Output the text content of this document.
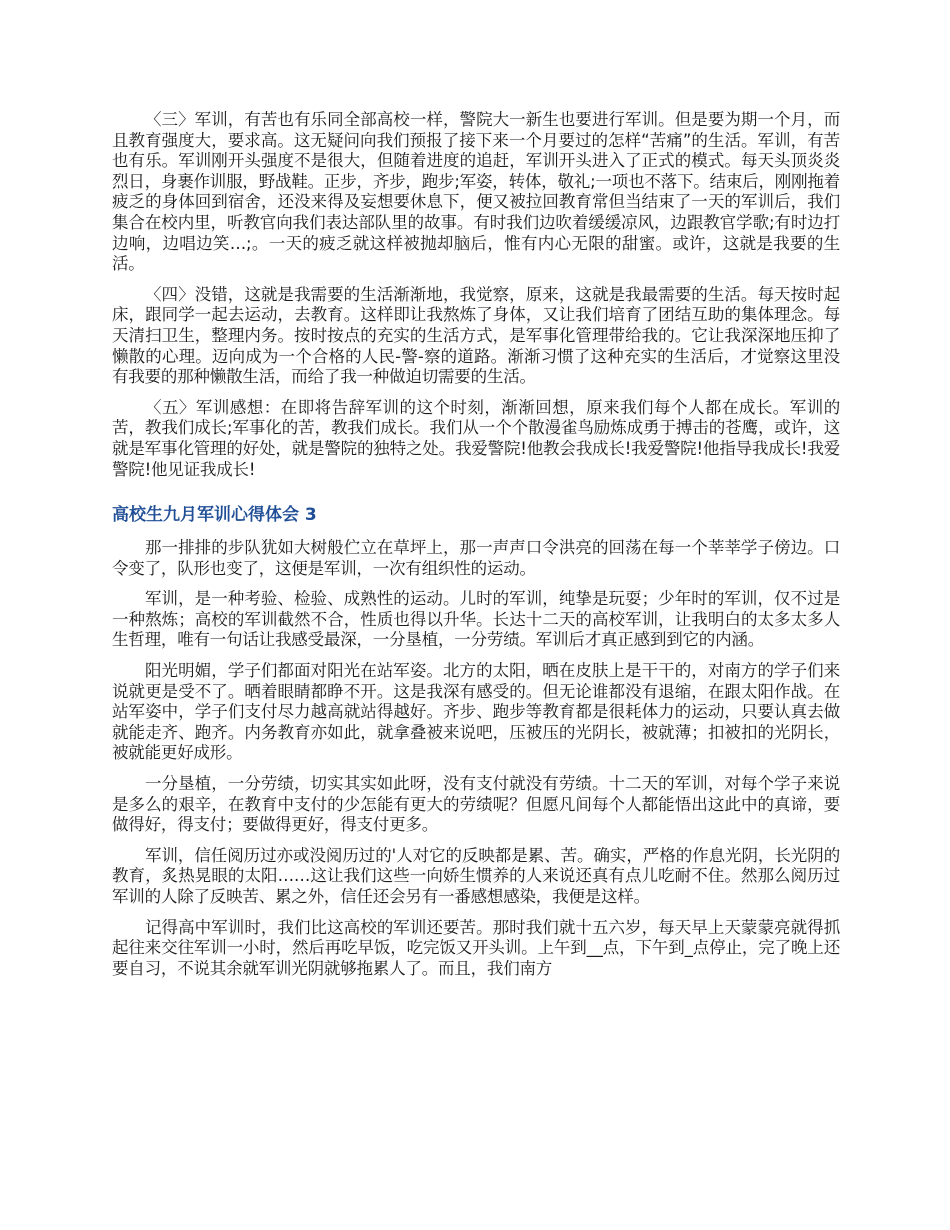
〈三〉军训，有苦也有乐同全部高校一样，警院大一新生也要进行军训。但是要为期一个月，而且教育强度大，要求高。这无疑问向我们预报了接下来一个月要过的怎样“苦痛”的生活。军训，有苦也有乐。军训刚开头强度不是很大，但随着进度的追赶，军训开头进入了正式的模式。每天头顶炎炎烈日，身裹作训服，野战鞋。正步，齐步，跑步;军姿，转体，敬礼;一项也不落下。结束后，刚刚拖着疲乏的身体回到宿舍，还没来得及妄想要休息下，便又被拉回教育常但当结束了一天的军训后，我们集合在校内里，听教官向我们表达部队里的故事。有时我们边吹着缓缓凉风，边跟教官学歌;有时边打边响，边唱边笑…;。一天的疲乏就这样被抛却脑后，惟有内心无限的甜蜜。或许，这就是我要的生活。

〈四〉没错，这就是我需要的生活渐渐地，我觉察，原来，这就是我最需要的生活。每天按时起床，跟同学一起去运动，去教育。这样即让我熬炼了身体，又让我们培育了团结互助的集体理念。每天清扫卫生，整理内务。按时按点的充实的生活方式，是军事化管理带给我的。它让我深深地压抑了懒散的心理。迈向成为一个合格的人民-警-察的道路。渐渐习惯了这种充实的生活后，才觉察这里没有我要的那种懒散生活，而给了我一种做迫切需要的生活。

〈五〉军训感想：在即将告辞军训的这个时刻，渐渐回想，原来我们每个人都在成长。军训的苦，教我们成长;军事化的苦，教我们成长。我们从一个个散漫雀鸟励炼成勇于搏击的苍鹰，或许，这就是军事化管理的好处，就是警院的独特之处。我爱警院!他教会我成长!我爱警院!他指导我成长!我爱警院!他见证我成长!

高校生九月军训心得体会 3

那一排排的步队犹如大树般伫立在草坪上，那一声声口令洪亮的回荡在每一个莘莘学子傍边。口令变了，队形也变了，这便是军训，一次有组织性的运动。

军训，是一种考验、检验、成熟性的运动。儿时的军训，纯挚是玩耍；少年时的军训，仅不过是一种熬炼；高校的军训截然不合，性质也得以升华。长达十二天的高校军训，让我明白的太多太多人生哲理，唯有一句话让我感受最深，一分垦植，一分劳绩。军训后才真正感到到它的内涵。

阳光明媚，学子们都面对阳光在站军姿。北方的太阳，晒在皮肤上是干干的，对南方的学子们来说就更是受不了。晒着眼睛都睁不开。这是我深有感受的。但无论谁都没有退缩，在跟太阳作战。在站军姿中，学子们支付尽力越高就站得越好。齐步、跑步等教育都是很耗体力的运动，只要认真去做就能走齐、跑齐。内务教育亦如此，就拿叠被来说吧，压被压的光阴长，被就薄；扣被扣的光阴长，被就能更好成形。

一分垦植，一分劳绩，切实其实如此呀，没有支付就没有劳绩。十二天的军训，对每个学子来说是多么的艰辛，在教育中支付的少怎能有更大的劳绩呢？但愿凡间每个人都能悟出这此中的真谛，要做得好，得支付；要做得更好，得支付更多。

军训，信任阅历过亦或没阅历过的'人对它的反映都是累、苦。确实，严格的作息光阴，长光阴的教育，炙热晃眼的太阳……这让我们这些一向娇生惯养的人来说还真有点儿吃耐不住。然那么阅历过军训的人除了反映苦、累之外，信任还会另有一番感想感染，我便是这样。

记得高中军训时，我们比这高校的军训还要苦。那时我们就十五六岁，每天早上天蒙蒙亮就得抓起往来交往军训一小时，然后再吃早饭，吃完饭又开头训。上午到__点，下午到_点停止，完了晚上还要自习，不说其余就军训光阴就够拖累人了。而且，我们南方
